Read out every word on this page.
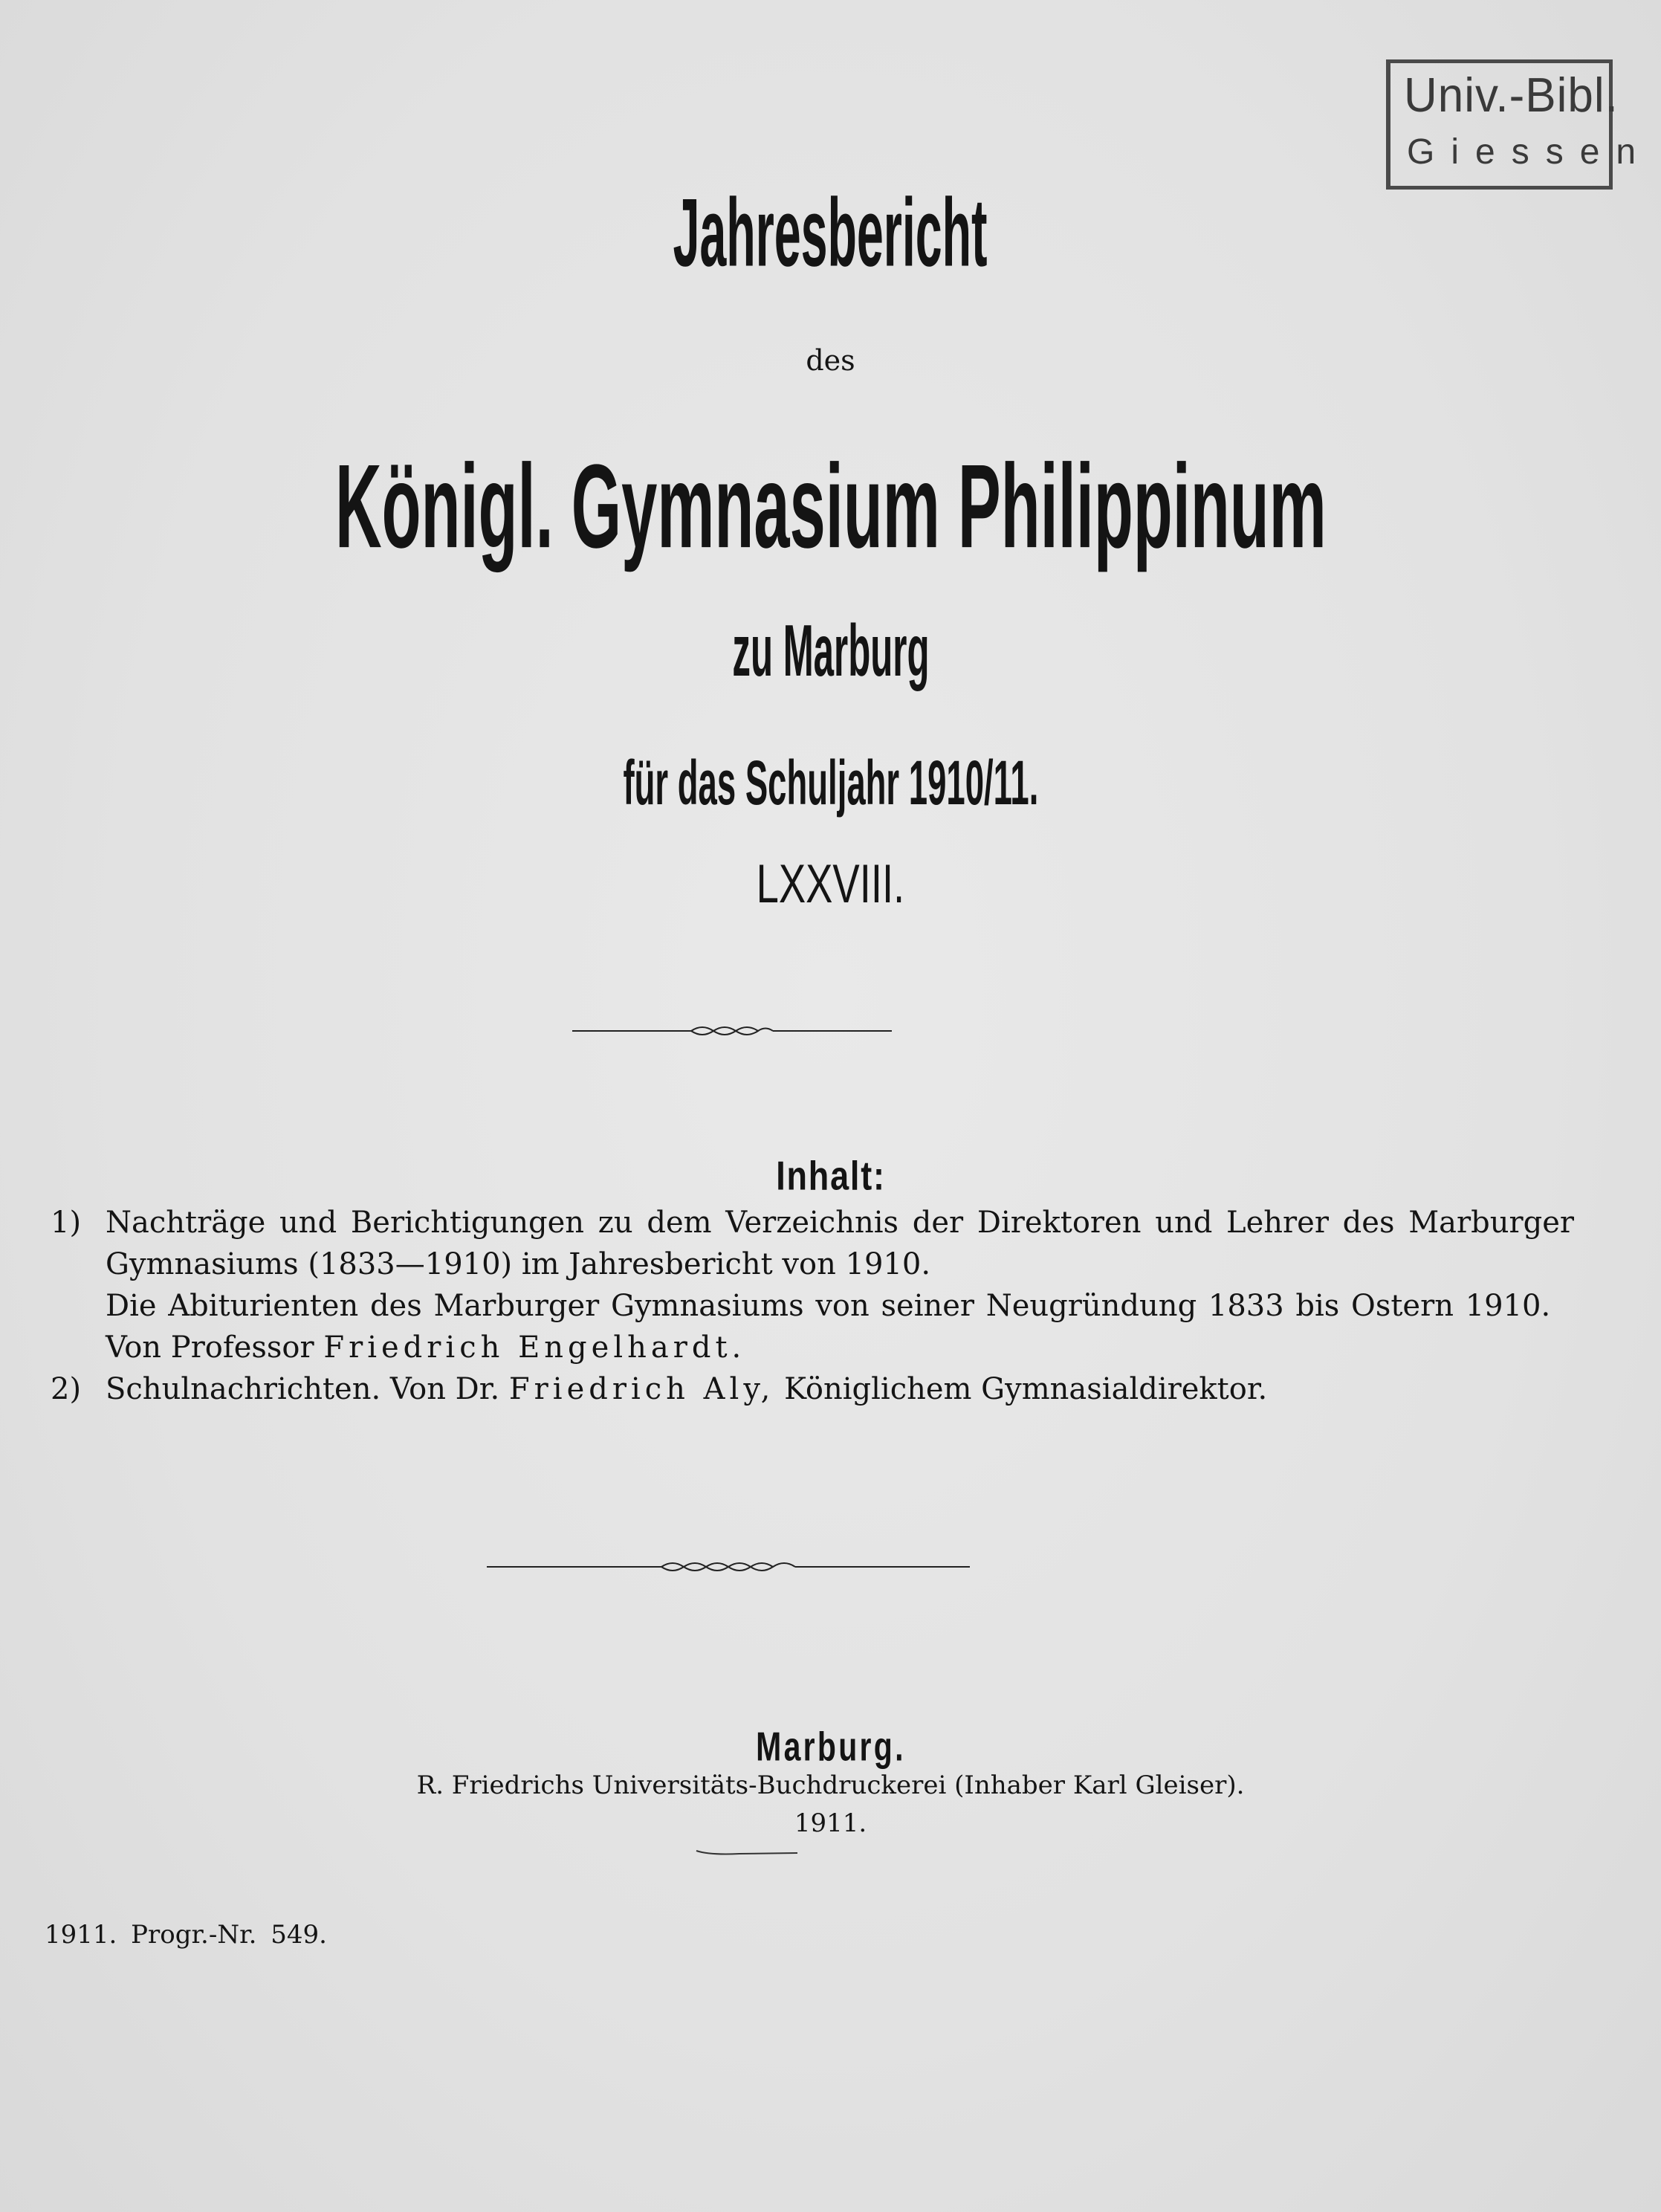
Univ.-Bibl.
Giessen
Jahresbericht
des
Königl. Gymnasium Philippinum
zu Marburg
für das Schuljahr 1910/11.
LXXVIII.
Inhalt:
1) Nachträge und Berichtigungen zu dem Verzeichnis der Direktoren und Lehrer des Marburger
Gymnasiums (1833—1910) im Jahresbericht von 1910.
Die Abiturienten des Marburger Gymnasiums von seiner Neugründung 1833 bis Ostern 1910.
Von Professor Friedrich Engelhardt.
2) Schulnachrichten. Von Dr. Friedrich Aly, Königlichem Gymnasialdirektor.
Marburg.
R. Friedrichs Universitäts-Buchdruckerei (Inhaber Karl Gleiser).
1911.
1911. Progr.-Nr. 549.
